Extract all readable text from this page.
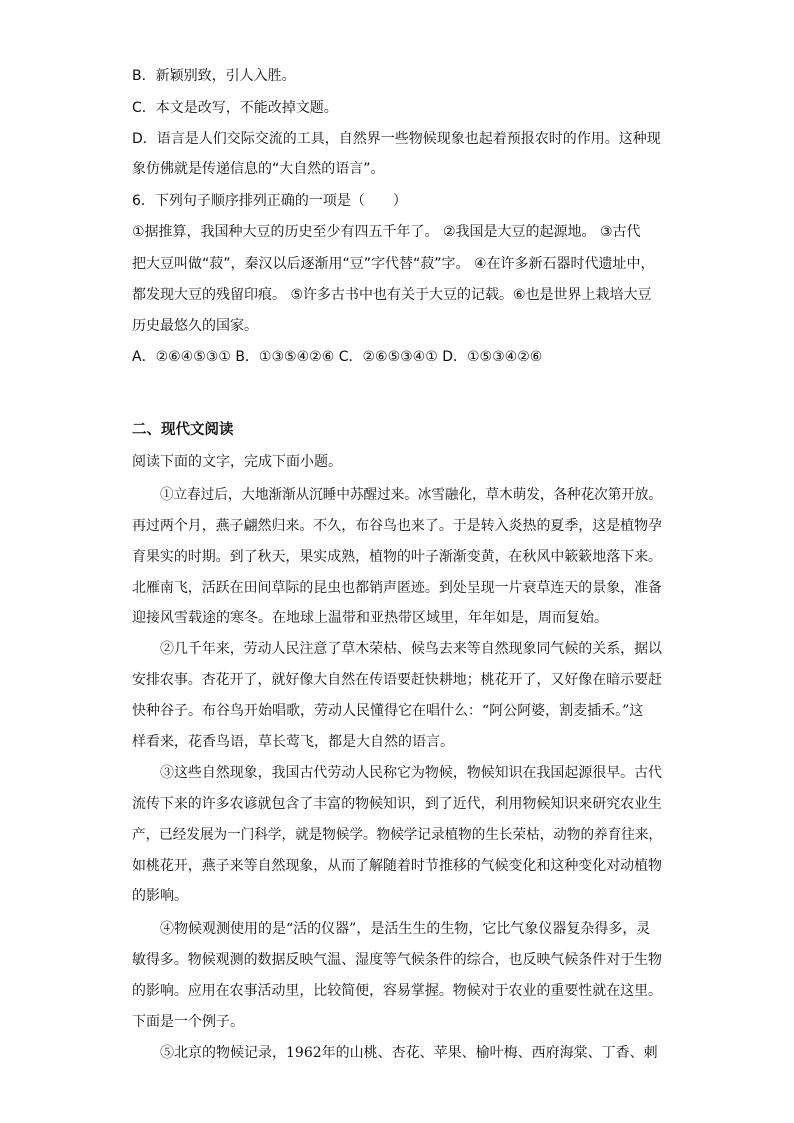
B．新颖别致，引人入胜。
C．本文是改写，不能改掉文题。
D．语言是人们交际交流的工具，自然界一些物候现象也起着预报农时的作用。这种现
象仿佛就是传递信息的“大自然的语言”。
6．下列句子顺序排列正确的一项是（　　）
①据推算，我国种大豆的历史至少有四五千年了。 ②我国是大豆的起源地。 ③古代
把大豆叫做“菽”，秦汉以后逐渐用“豆”字代替“菽”字。 ④在许多新石器时代遗址中，
都发现大豆的残留印痕。 ⑤许多古书中也有关于大豆的记载。⑥也是世界上栽培大豆
历史最悠久的国家。
A．②⑥④⑤③① B．①③⑤④②⑥ C．②⑥⑤③④① D．①⑤③④②⑥
二、现代文阅读
阅读下面的文字，完成下面小题。
①立春过后，大地渐渐从沉睡中苏醒过来。冰雪融化，草木萌发，各种花次第开放。
再过两个月，燕子翩然归来。不久，布谷鸟也来了。于是转入炎热的夏季，这是植物孕
育果实的时期。到了秋天，果实成熟，植物的叶子渐渐变黄，在秋风中簌簌地落下来。
北雁南飞，活跃在田间草际的昆虫也都销声匿迹。到处呈现一片衰草连天的景象，准备
迎接风雪载途的寒冬。在地球上温带和亚热带区域里，年年如是，周而复始。
②几千年来，劳动人民注意了草木荣枯、候鸟去来等自然现象同气候的关系，据以
安排农事。杏花开了，就好像大自然在传语要赶快耕地；桃花开了，又好像在暗示要赶
快种谷子。布谷鸟开始唱歌，劳动人民懂得它在唱什么：“阿公阿婆，割麦插禾。”这
样看来，花香鸟语，草长莺飞，都是大自然的语言。
③这些自然现象，我国古代劳动人民称它为物候，物候知识在我国起源很早。古代
流传下来的许多农谚就包含了丰富的物候知识，到了近代，利用物候知识来研究农业生
产，已经发展为一门科学，就是物候学。物候学记录植物的生长荣枯，动物的养育往来，
如桃花开，燕子来等自然现象，从而了解随着时节推移的气候变化和这种变化对动植物
的影响。
④物候观测使用的是“活的仪器”，是活生生的生物，它比气象仪器复杂得多，灵
敏得多。物候观测的数据反映气温、湿度等气候条件的综合，也反映气候条件对于生物
的影响。应用在农事活动里，比较简便，容易掌握。物候对于农业的重要性就在这里。
下面是一个例子。
⑤北京的物候记录，1962年的山桃、杏花、苹果、榆叶梅、西府海棠、丁香、刺
